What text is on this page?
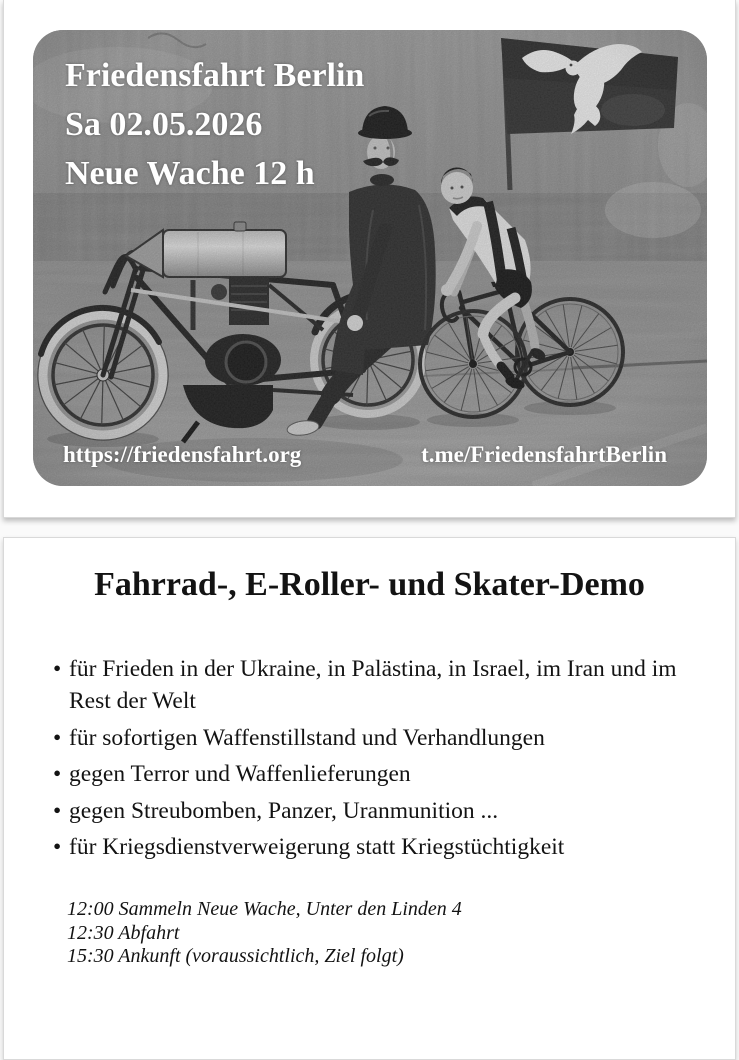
Friedensfahrt Berlin
Sa 02.05.2026
Neue Wache 12 h
https://friedensfahrt.org	t.me/FriedensfahrtBerlin
Fahrrad-, E-Roller- und Skater-Demo
• für Frieden in der Ukraine, in Palästina, in Israel, im Iran und im Rest der Welt
• für sofortigen Waffenstillstand und Verhandlungen
• gegen Terror und Waffenlieferungen
• gegen Streubomben, Panzer, Uranmunition ...
• für Kriegsdienstverweigerung statt Kriegstüchtigkeit
12:00 Sammeln Neue Wache, Unter den Linden 4
12:30 Abfahrt
15:30 Ankunft (voraussichtlich, Ziel folgt)
